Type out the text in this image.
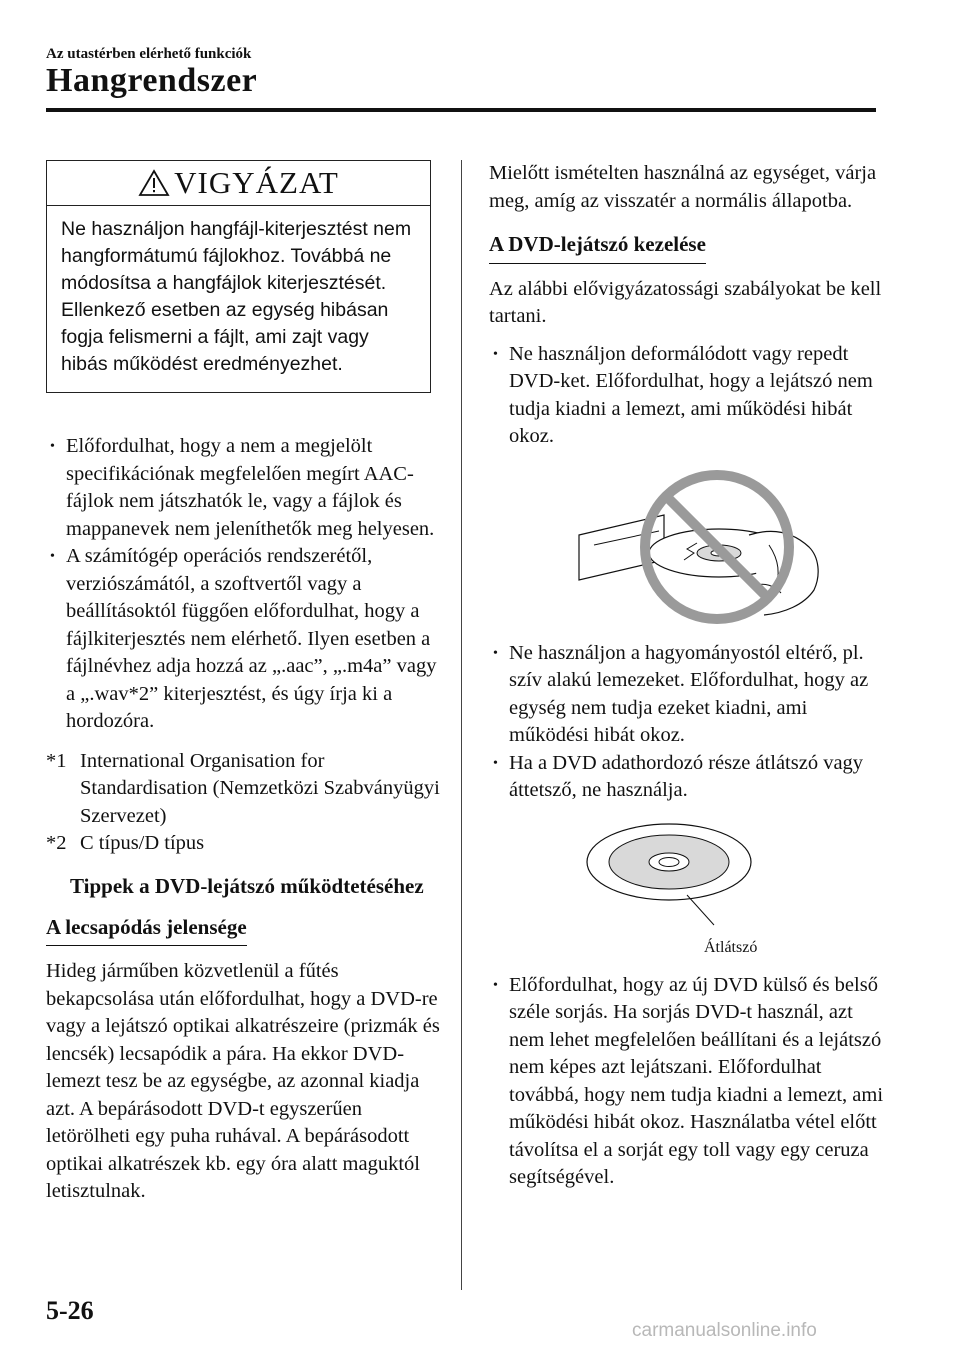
Az utastérben elérhető funkciók
Hangrendszer
VIGYÁZAT

Ne használjon hangfájl-kiterjesztést nem hangformátumú fájlokhoz. Továbbá ne módosítsa a hangfájlok kiterjesztését. Ellenkező esetben az egység hibásan fogja felismerni a fájlt, ami zajt vagy hibás működést eredményezhet.

• Előfordulhat, hogy a nem a megjelölt specifikációnak megfelelően megírt AAC-fájlok nem játszhatók le, vagy a fájlok és mappanevek nem jeleníthetők meg helyesen.
• A számítógép operációs rendszerétől, verziószámától, a szoftvertől vagy a beállításoktól függően előfordulhat, hogy a fájlkiterjesztés nem elérhető. Ilyen esetben a fájlnévhez adja hozzá az „.aac”, „.m4a” vagy a „.wav*2” kiterjesztést, és úgy írja ki a hordozóra.
*1 International Organisation for Standardisation (Nemzetközi Szabványügyi Szervezet)
*2 C típus/D típus
Tippek a DVD-lejátszó működtetéséhez
A lecsapódás jelensége

Hideg járműben közvetlenül a fűtés bekapcsolása után előfordulhat, hogy a DVD-re vagy a lejátszó optikai alkatrészeire (prizmák és lencsék) lecsapódik a pára. Ha ekkor DVD-lemezt tesz be az egységbe, az azonnal kiadja azt. A bepárásodott DVD-t egyszerűen letörölheti egy puha ruhával. A bepárásodott optikai alkatrészek kb. egy óra alatt maguktól letisztulnak.

Mielőtt ismételten használná az egységet, várja meg, amíg az visszatér a normális állapotba.

A DVD-lejátszó kezelése

Az alábbi elővigyázatossági szabályokat be kell tartani.

• Ne használjon deformálódott vagy repedt DVD-ket. Előfordulhat, hogy a lejátszó nem tudja kiadni a lemezt, ami működési hibát okoz.
• Ne használjon a hagyományostól eltérő, pl. szív alakú lemezeket. Előfordulhat, hogy az egység nem tudja ezeket kiadni, ami működési hibát okoz.
• Ha a DVD adathordozó része átlátszó vagy áttetsző, ne használja.
Átlátszó
• Előfordulhat, hogy az új DVD külső és belső széle sorjás. Ha sorjás DVD-t használ, azt nem lehet megfelelően beállítani és a lejátszó nem képes azt lejátszani. Előfordulhat továbbá, hogy nem tudja kiadni a lemezt, ami működési hibát okoz. Használatba vétel előtt távolítsa el a sorját egy toll vagy egy ceruza segítségével.
5-26
carmanualsonline.info
